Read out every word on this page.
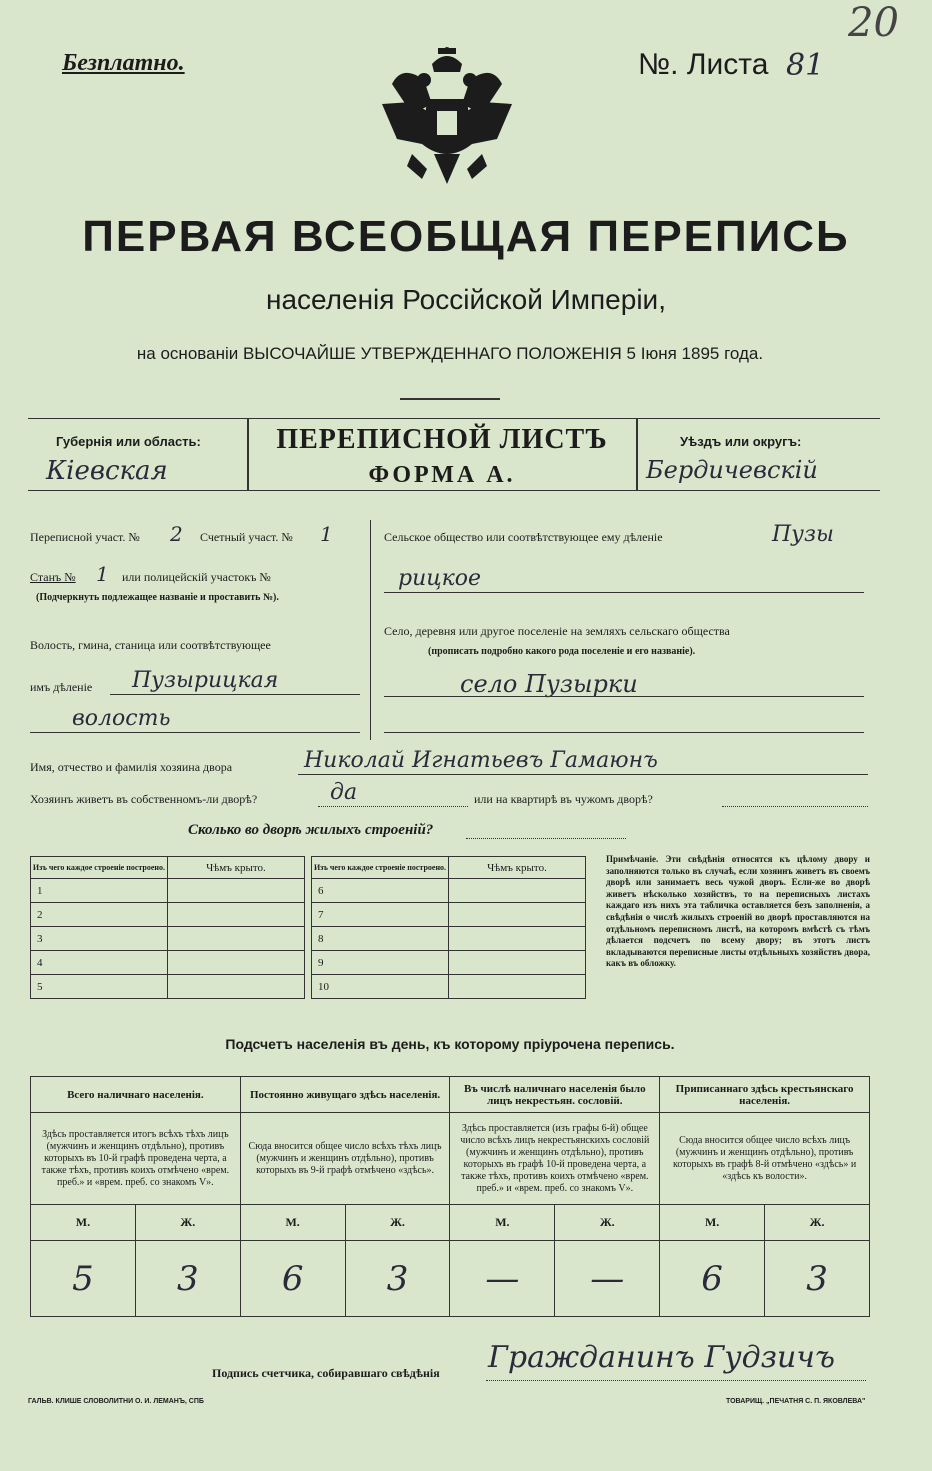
Безплатно.	№. Листа 81
20
ПЕРВАЯ ВСЕОБЩАЯ ПЕРЕПИСЬ
населенія Россійской Имперіи,
на основаніи ВЫСОЧАЙШЕ УТВЕРЖДЕННАГО ПОЛОЖЕНІЯ 5 Іюня 1895 года.
Губернія или область:
Кіевская
ПЕРЕПИСНОЙ ЛИСТЪ
ФОРМА А.
Уѣздъ или округъ:
Бердичевскій
Переписной участ. № 2 Счетный участ. № 1
Станъ № 1 или полицейскій участокъ №
(Подчеркнуть подлежащее названіе и проставить №).
Волость, гмина, станица или соотвѣтствующее
имъ дѣленіе Пузырицкая
волость
Сельское общество или соотвѣтствующее ему дѣленіе	Пузы
рицкое
Село, деревня или другое поселеніе на земляхъ сельскаго общества
(прописать подробно какого рода поселеніе и его названіе).
село Пузырки
Имя, отчество и фамилія хозяина двора	Николай Игнатьевъ Гамаюнъ
Хозяинъ живетъ въ собственномъ-ли дворѣ?	да	или на квартирѣ въ чужомъ дворѣ?
Сколько во дворѣ жилыхъ строеній?
Изъ чего каждое строеніе построено.	Чѣмъ крыто.		Изъ чего каждое строеніе построено.	Чѣмъ крыто.
1			6	
2			7	
3			8	
4			9	
5			10	
Примѣчаніе. Эти свѣдѣнія относятся къ цѣлому двору и заполняются только въ случаѣ, если хозяинъ живетъ въ своемъ дворѣ или занимаетъ весь чужой дворъ. Если-же во дворѣ живетъ нѣсколько хозяйствъ, то на переписныхъ листахъ каждаго изъ нихъ эта табличка оставляется безъ заполненія, а свѣдѣнія о числѣ жилыхъ строеній во дворѣ проставляются на отдѣльномъ переписномъ листѣ, на которомъ вмѣстѣ съ тѣмъ дѣлается подсчетъ по всему двору; въ этотъ листъ вкладываются переписные листы отдѣльныхъ хозяйствъ двора, какъ въ обложку.
Подсчетъ населенія въ день, къ которому пріурочена перепись.
Всего наличнаго населенія.		Постоянно живущаго здѣсь населенія.		Въ числѣ наличнаго населенія было лицъ некрестьян. сословій.		Приписаннаго здѣсь крестьянскаго населенія.	
Здѣсь проставляется итогъ всѣхъ тѣхъ лицъ (мужчинъ и женщинъ отдѣльно), противъ которыхъ въ 10-й графѣ проведена черта, а также тѣхъ, противъ коихъ отмѣчено «врем. преб.» и «врем. преб. со знакомъ V».		Сюда вносится общее число всѣхъ тѣхъ лицъ (мужчинъ и женщинъ отдѣльно), противъ которыхъ въ 9-й графѣ отмѣчено «здѣсь».		Здѣсь проставляется (изъ графы 6-й) общее число всѣхъ лицъ некрестьянскихъ сословій (мужчинъ и женщинъ отдѣльно), противъ которыхъ въ графѣ 10-й проведена черта, а также тѣхъ, противъ коихъ отмѣчено «врем. преб.» и «врем. преб. со знакомъ V».		Сюда вносится общее число всѣхъ лицъ (мужчинъ и женщинъ отдѣльно), противъ которыхъ въ графѣ 8-й отмѣчено «здѣсь» и «здѣсь къ волости».	
М.	Ж.	М.	Ж.	М.	Ж.	М.	Ж.
5	3	6	3	—	—	6	3
Подпись счетчика, собиравшаго свѣдѣнія Гражданинъ Гудзичъ
ГАЛЬВ. КЛИШЕ СЛОВОЛИТНИ О. И. ЛЕМАНЪ, СПБ	ТОВАРИЩ. „ПЕЧАТНЯ С. П. ЯКОВЛЕВА"
